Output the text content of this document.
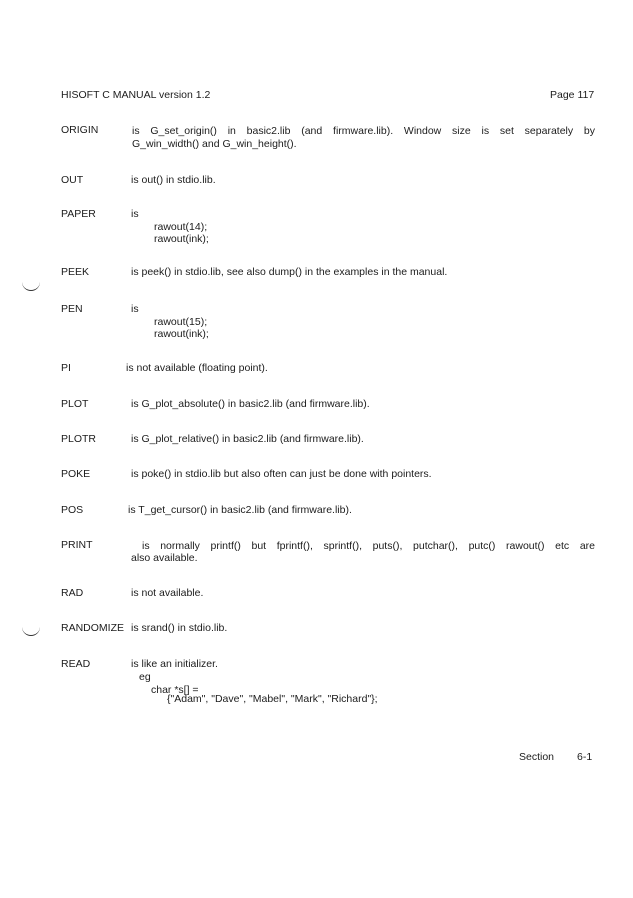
HISOFT C MANUAL version 1.2	Page 117
ORIGIN	is G_set_origin() in basic2.lib (and firmware.lib). Window size is set separately by
G_win_width() and G_win_height().
OUT	is out() in stdio.lib.
PAPER	is
rawout(14);
rawout(ink);
PEEK	is peek() in stdio.lib, see also dump() in the examples in the manual.
PEN	is
rawout(15);
rawout(ink);
PI	is not available (floating point).
PLOT	is G_plot_absolute() in basic2.lib (and firmware.lib).
PLOTR	is G_plot_relative() in basic2.lib (and firmware.lib).
POKE	is poke() in stdio.lib but also often can just be done with pointers.
POS	is T_get_cursor() in basic2.lib (and firmware.lib).
PRINT	is normally printf() but fprintf(), sprintf(), puts(), putchar(), putc() rawout() etc are
also available.
RAD	is not available.
RANDOMIZE is srand() in stdio.lib.
READ	is like an initializer.
eg
char *s[] =
{"Adam", "Dave", "Mabel", "Mark", "Richard"};
Section 6-1
